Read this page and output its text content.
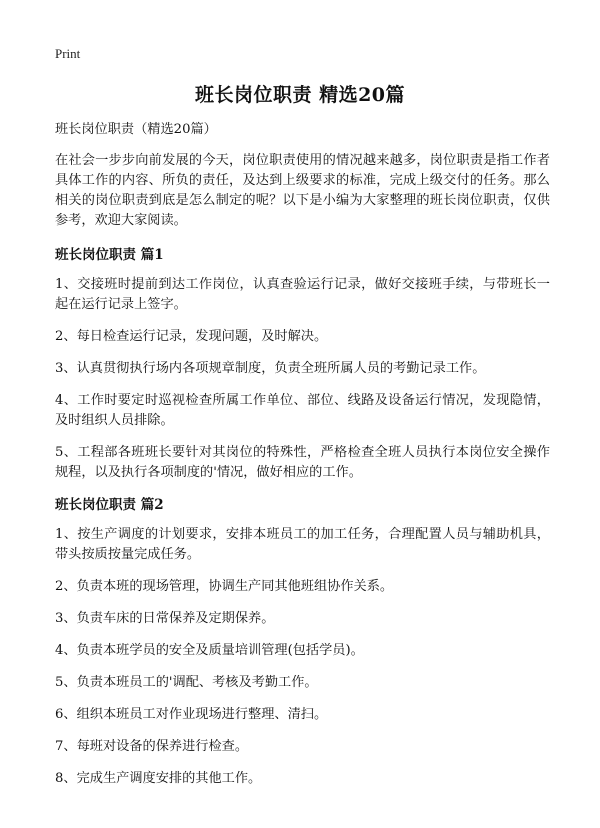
Print
班长岗位职责 精选20篇

班长岗位职责（精选20篇）

在社会一步步向前发展的今天，岗位职责使用的情况越来越多，岗位职责是指工作者具体工作的内容、所负的责任，及达到上级要求的标准，完成上级交付的任务。那么相关的岗位职责到底是怎么制定的呢？以下是小编为大家整理的班长岗位职责，仅供参考，欢迎大家阅读。

班长岗位职责 篇1

1、交接班时提前到达工作岗位，认真查验运行记录，做好交接班手续，与带班长一起在运行记录上签字。

2、每日检查运行记录，发现问题，及时解决。

3、认真贯彻执行场内各项规章制度，负责全班所属人员的考勤记录工作。

4、工作时要定时巡视检查所属工作单位、部位、线路及设备运行情况，发现隐情，及时组织人员排除。

5、工程部各班班长要针对其岗位的特殊性，严格检查全班人员执行本岗位安全操作规程，以及执行各项制度的'情况，做好相应的工作。

班长岗位职责 篇2

1、按生产调度的计划要求，安排本班员工的加工任务，合理配置人员与辅助机具，带头按质按量完成任务。

2、负责本班的现场管理，协调生产同其他班组协作关系。

3、负责车床的日常保养及定期保养。

4、负责本班学员的安全及质量培训管理(包括学员)。

5、负责本班员工的'调配、考核及考勤工作。

6、组织本班员工对作业现场进行整理、清扫。

7、每班对设备的保养进行检查。

8、完成生产调度安排的其他工作。
